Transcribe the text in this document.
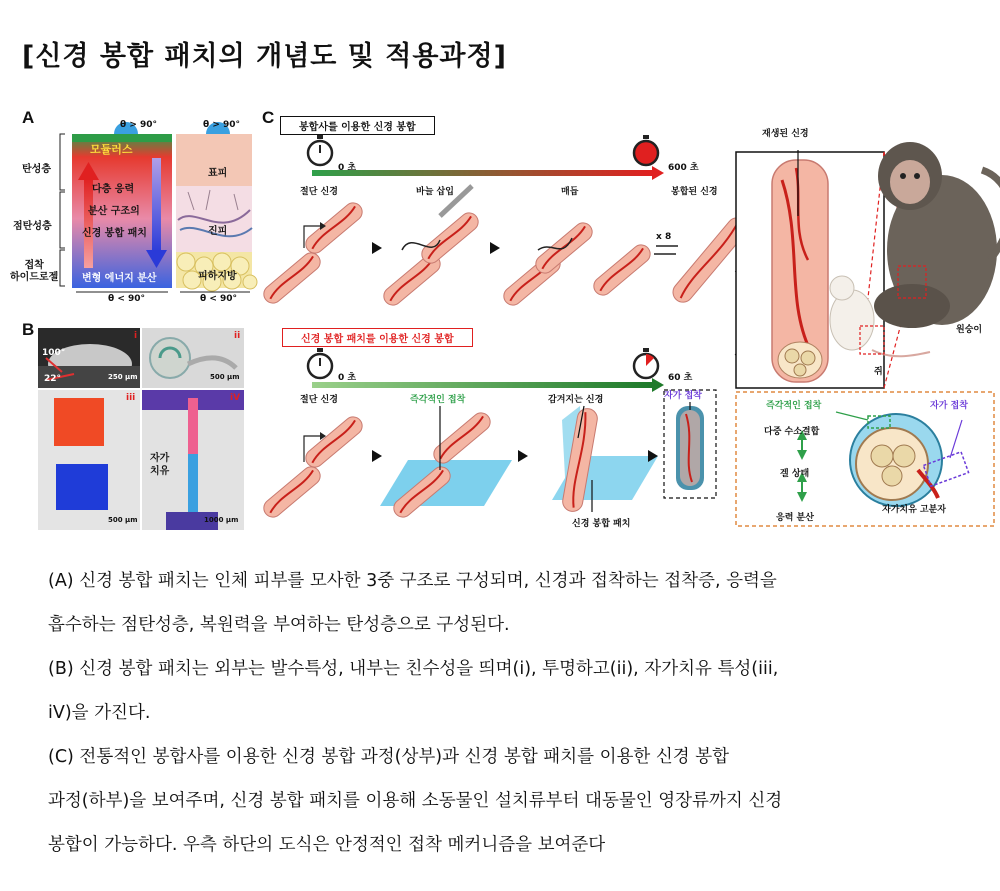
[신경 봉합 패치의 개념도 및 적용과정]
A	θ > 90°	θ > 90°
탄성층
점탄성층
접착
하이드로젤
모듈러스
다층 응력
분산 구조의
신경 봉합 패치
변형 에너지 분산
표피
진피
피하지방
θ < 90°	θ < 90°
B	i	ii
iii	iV
100°
22°	250 μm	500 μm
500 μm	1000 μm
자가
치유
C
봉합사를 이용한 신경 봉합
신경 봉합 패치를 이용한 신경 봉합
0 초	600 초
절단 신경	바늘 삽입	매듭	봉합된 신경
x 8
재생된 신경
원숭이
쥐
0 초	60 초
절단 신경	즉각적인 접착	감겨지는 신경	자가 접착
신경 봉합 패치
즉각적인 접착
다중 수소결합
겔 상태
응력 분산
자가 접착
자가치유 고분자
(A) 신경 봉합 패치는 인체 피부를 모사한 3중 구조로 구성되며, 신경과 접착하는 접착증, 응력을
흡수하는 점탄성층, 복원력을 부여하는 탄성층으로 구성된다.
(B) 신경 봉합 패치는 외부는 발수특성, 내부는 친수성을 띄며(i), 투명하고(ii), 자가치유 특성(iii,
iV)을 가진다.
(C) 전통적인 봉합사를 이용한 신경 봉합 과정(상부)과 신경 봉합 패치를 이용한 신경 봉합
과정(하부)을 보여주며, 신경 봉합 패치를 이용해 소동물인 설치류부터 대동물인 영장류까지 신경
봉합이 가능하다. 우측 하단의 도식은 안정적인 접착 메커니즘을 보여준다
